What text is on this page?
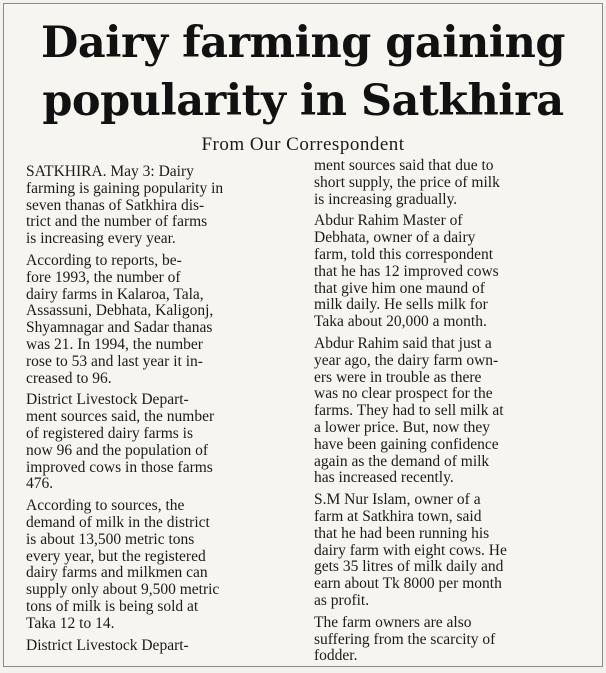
Dairy farming gaining
popularity in Satkhira
From Our Correspondent

SATKHIRA. May 3: Dairy
farming is gaining popularity in
seven thanas of Satkhira dis-
trict and the number of farms
is increasing every year.

According to reports, be-
fore 1993, the number of
dairy farms in Kalaroa, Tala,
Assassuni, Debhata, Kaligonj,
Shyamnagar and Sadar thanas
was 21. In 1994, the number
rose to 53 and last year it in-
creased to 96.

District Livestock Depart-
ment sources said, the number
of registered dairy farms is
now 96 and the population of
improved cows in those farms
476.

According to sources, the
demand of milk in the district
is about 13,500 metric tons
every year, but the registered
dairy farms and milkmen can
supply only about 9,500 metric
tons of milk is being sold at
Taka 12 to 14.

District Livestock Depart-

ment sources said that due to
short supply, the price of milk
is increasing gradually.

Abdur Rahim Master of
Debhata, owner of a dairy
farm, told this correspondent
that he has 12 improved cows
that give him one maund of
milk daily. He sells milk for
Taka about 20,000 a month.

Abdur Rahim said that just a
year ago, the dairy farm own-
ers were in trouble as there
was no clear prospect for the
farms. They had to sell milk at
a lower price. But, now they
have been gaining confidence
again as the demand of milk
has increased recently.

S.M Nur Islam, owner of a
farm at Satkhira town, said
that he had been running his
dairy farm with eight cows. He
gets 35 litres of milk daily and
earn about Tk 8000 per month
as profit.

The farm owners are also
suffering from the scarcity of
fodder.
